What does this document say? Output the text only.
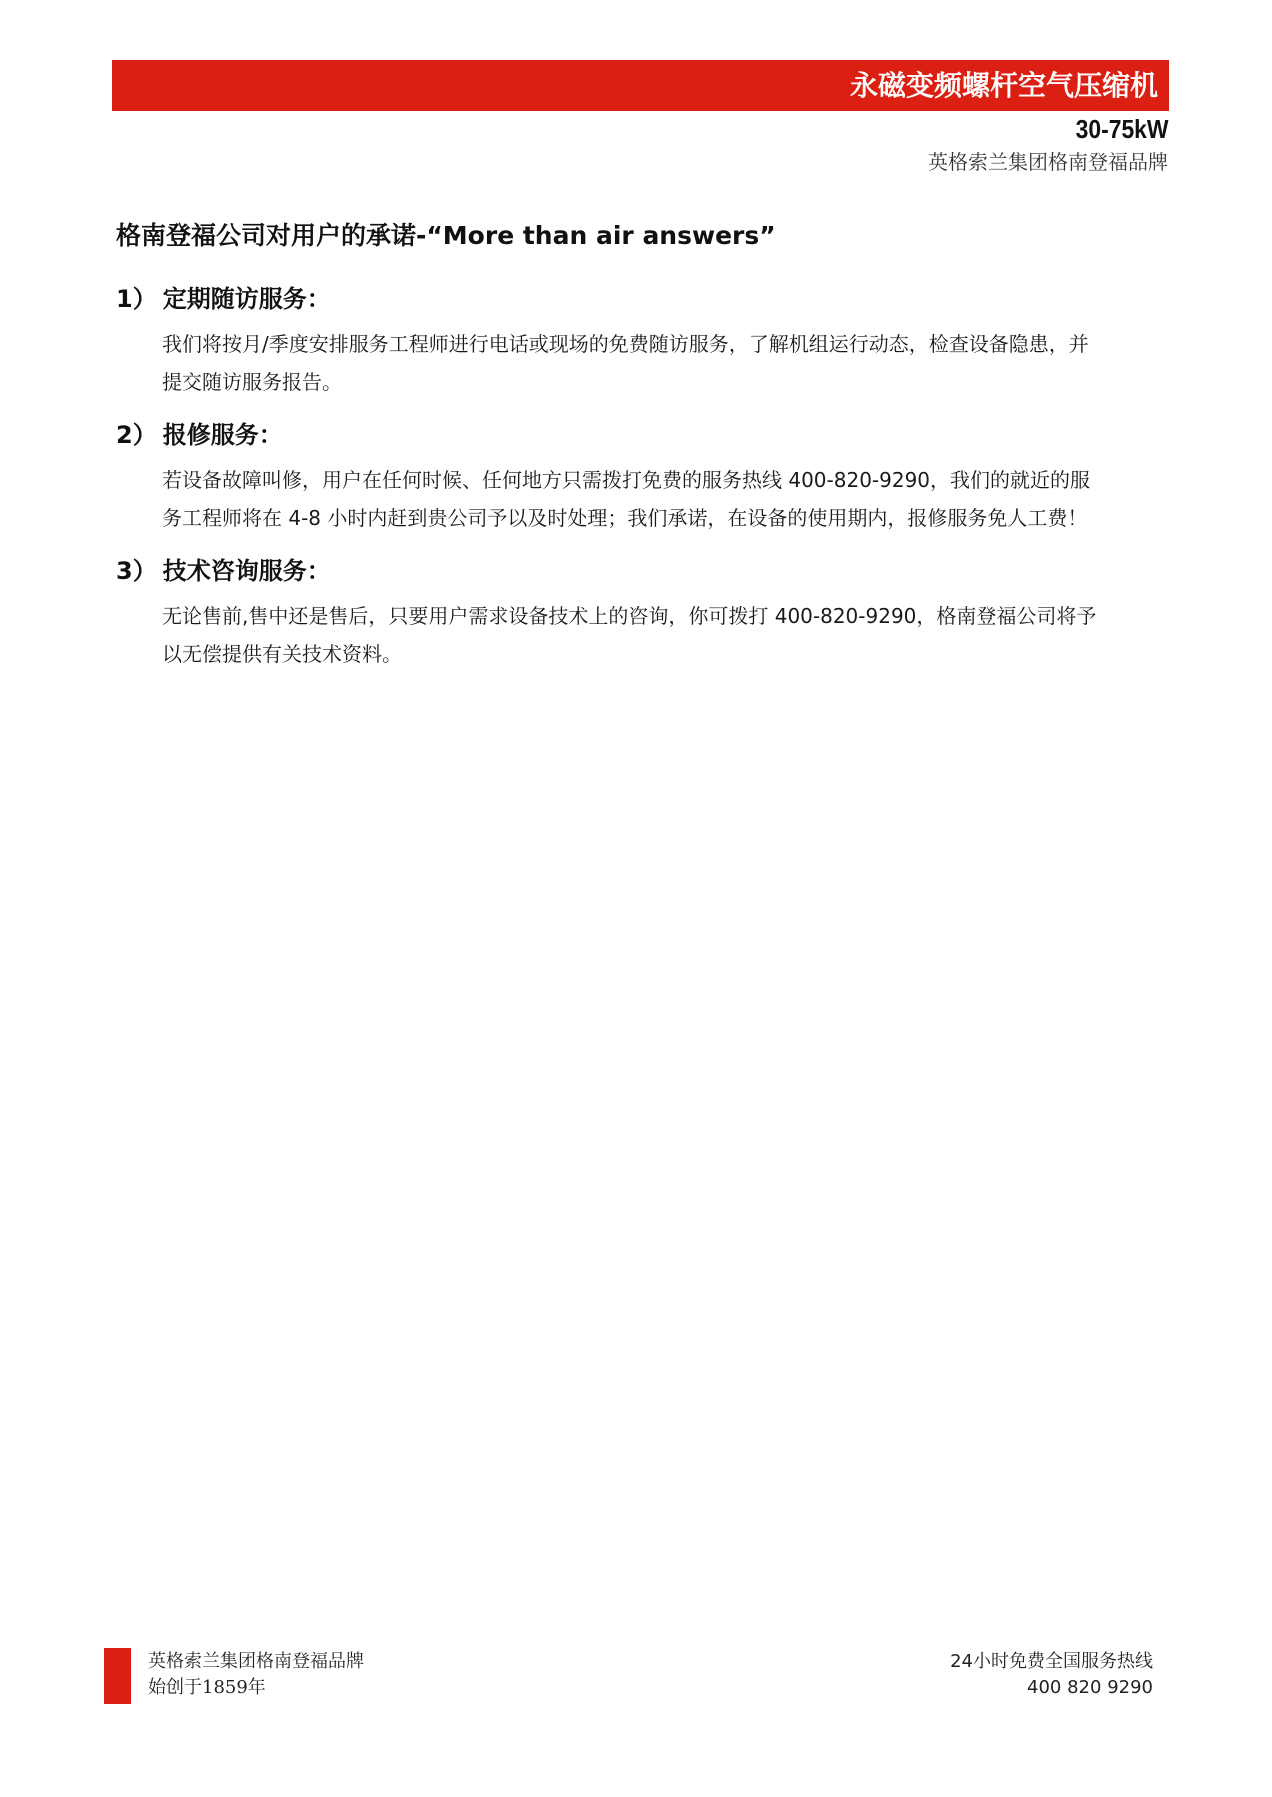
永磁变频螺杆空气压缩机
30-75kW
英格索兰集团格南登福品牌
格南登福公司对用户的承诺-“More than air answers”
1） 定期随访服务：

我们将按月/季度安排服务工程师进行电话或现场的免费随访服务，了解机组运行动态，检查设备隐患，并

提交随访服务报告。

2） 报修服务：

若设备故障叫修，用户在任何时候、任何地方只需拨打免费的服务热线 400-820-9290，我们的就近的服

务工程师将在 4-8 小时内赶到贵公司予以及时处理；我们承诺，在设备的使用期内，报修服务免人工费！

3） 技术咨询服务：

无论售前,售中还是售后，只要用户需求设备技术上的咨询，你可拨打 400-820-9290，格南登福公司将予

以无偿提供有关技术资料。

英格索兰集团格南登福品牌
始创于1859年
24小时免费全国服务热线
400 820 9290
